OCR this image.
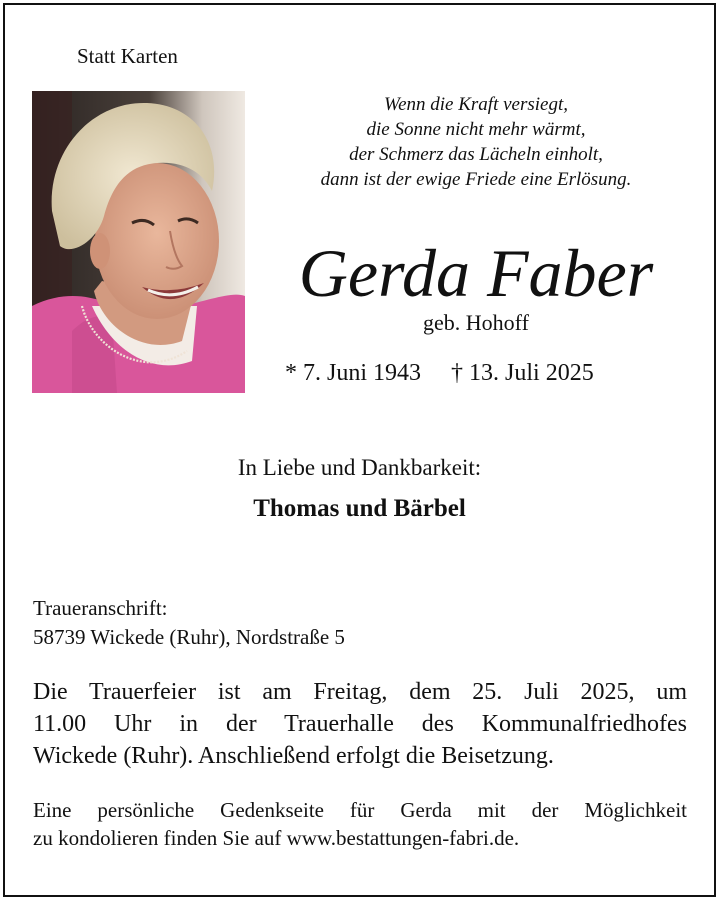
Statt Karten
Wenn die Kraft versiegt,
die Sonne nicht mehr wärmt,
der Schmerz das Lächeln einholt,
dann ist der ewige Friede eine Erlösung.
Gerda Faber
geb. Hohoff
* 7. Juni 1943 † 13. Juli 2025
In Liebe und Dankbarkeit:
Thomas und Bärbel
Traueranschrift:
58739 Wickede (Ruhr), Nordstraße 5
Die Trauerfeier ist am Freitag, dem 25. Juli 2025, um
11.00 Uhr in der Trauerhalle des Kommunalfriedhofes
Wickede (Ruhr). Anschließend erfolgt die Beisetzung.
Eine persönliche Gedenkseite für Gerda mit der Möglichkeit
zu kondolieren finden Sie auf www.bestattungen-fabri.de.
